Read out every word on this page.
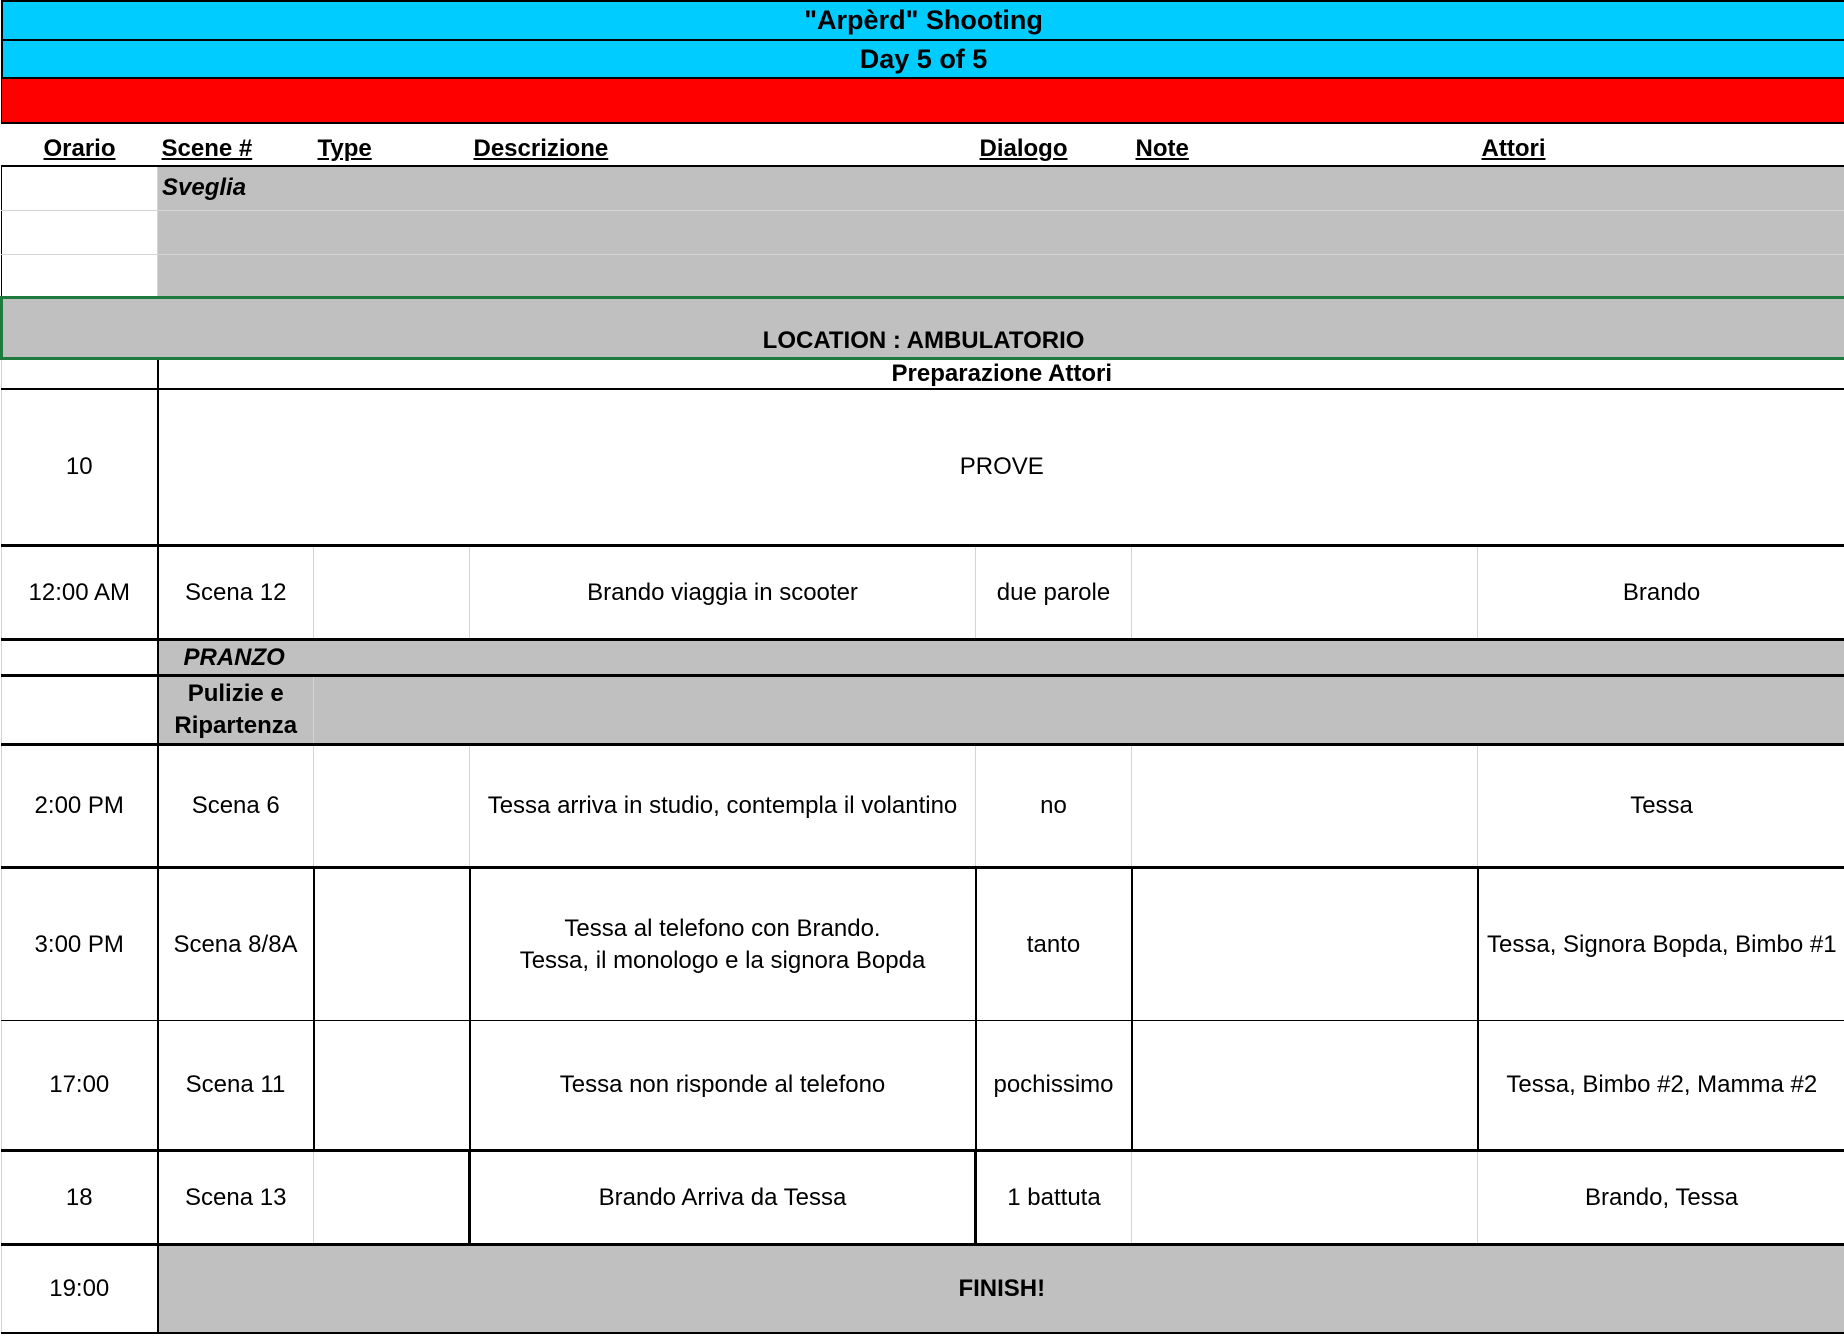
"Arpèrd" Shooting						
Day 5 of 5						

Orario	Scene #	Type	Descrizione	Dialogo	Note	Attori
	Sveglia					

LOCATION : AMBULATORIO						
	Preparazione Attori					
10	PROVE					
12:00 AM	Scena 12		Brando viaggia in scooter	due parole		Brando
	PRANZO					
	Pulizie e Ripartenza					
2:00 PM	Scena 6		Tessa arriva in studio, contempla il volantino	no		Tessa
3:00 PM	Scena 8/8A		Tessa al telefono con Brando.
Tessa, il monologo e la signora Bopda	tanto		Tessa, Signora Bopda, Bimbo #1
17:00	Scena 11		Tessa non risponde al telefono	pochissimo		Tessa, Bimbo #2, Mamma #2
18	Scena 13		Brando Arriva da Tessa	1 battuta		Brando, Tessa
19:00	FINISH!					
